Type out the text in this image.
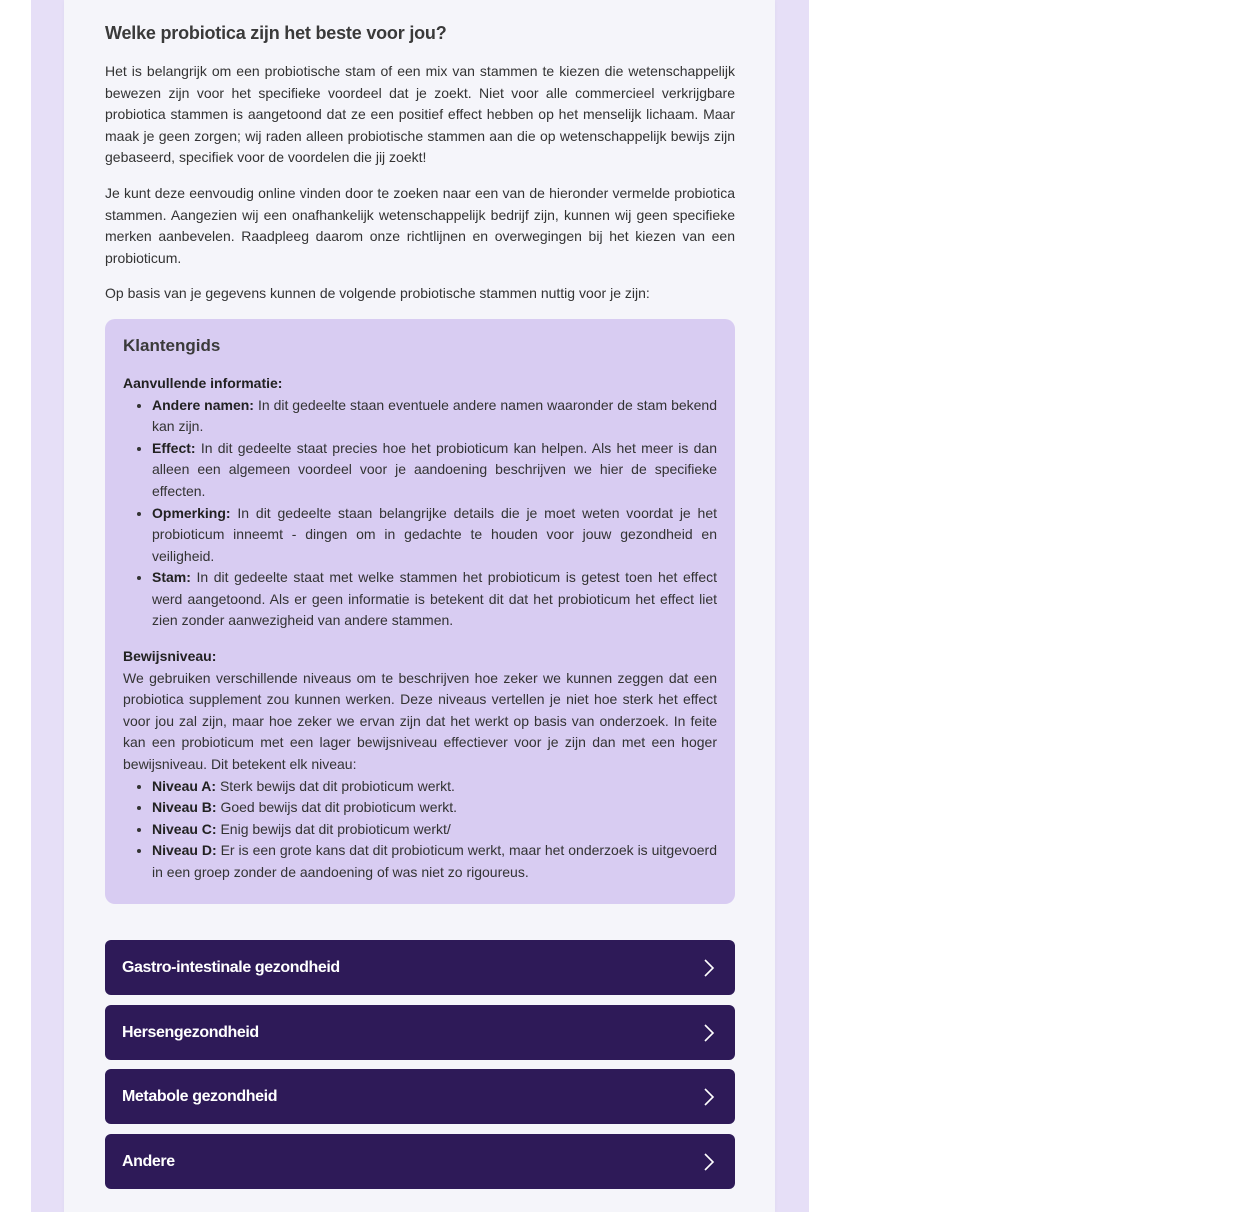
Welke probiotica zijn het beste voor jou?

Het is belangrijk om een probiotische stam of een mix van stammen te kiezen die wetenschappelijk bewezen zijn voor het specifieke voordeel dat je zoekt. Niet voor alle commercieel verkrijgbare probiotica stammen is aangetoond dat ze een positief effect hebben op het menselijk lichaam. Maar maak je geen zorgen; wij raden alleen probiotische stammen aan die op wetenschappelijk bewijs zijn gebaseerd, specifiek voor de voordelen die jij zoekt!

Je kunt deze eenvoudig online vinden door te zoeken naar een van de hieronder vermelde probiotica stammen. Aangezien wij een onafhankelijk wetenschappelijk bedrijf zijn, kunnen wij geen specifieke merken aanbevelen. Raadpleeg daarom onze richtlijnen en overwegingen bij het kiezen van een probioticum.

Op basis van je gegevens kunnen de volgende probiotische stammen nuttig voor je zijn:

Klantengids
Aanvullende informatie:
• Andere namen: In dit gedeelte staan eventuele andere namen waaronder de stam bekend kan zijn.
• Effect: In dit gedeelte staat precies hoe het probioticum kan helpen. Als het meer is dan alleen een algemeen voordeel voor je aandoening beschrijven we hier de specifieke effecten.
• Opmerking: In dit gedeelte staan belangrijke details die je moet weten voordat je het probioticum inneemt - dingen om in gedachte te houden voor jouw gezondheid en veiligheid.
• Stam: In dit gedeelte staat met welke stammen het probioticum is getest toen het effect werd aangetoond. Als er geen informatie is betekent dit dat het probioticum het effect liet zien zonder aanwezigheid van andere stammen.
Bewijsniveau:

We gebruiken verschillende niveaus om te beschrijven hoe zeker we kunnen zeggen dat een probiotica supplement zou kunnen werken. Deze niveaus vertellen je niet hoe sterk het effect voor jou zal zijn, maar hoe zeker we ervan zijn dat het werkt op basis van onderzoek. In feite kan een probioticum met een lager bewijsniveau effectiever voor je zijn dan met een hoger bewijsniveau. Dit betekent elk niveau:

• Niveau A: Sterk bewijs dat dit probioticum werkt.
• Niveau B: Goed bewijs dat dit probioticum werkt.
• Niveau C: Enig bewijs dat dit probioticum werkt/
• Niveau D: Er is een grote kans dat dit probioticum werkt, maar het onderzoek is uitgevoerd in een groep zonder de aandoening of was niet zo rigoureus.
Gastro-intestinale gezondheid
Hersengezondheid
Metabole gezondheid
Andere
